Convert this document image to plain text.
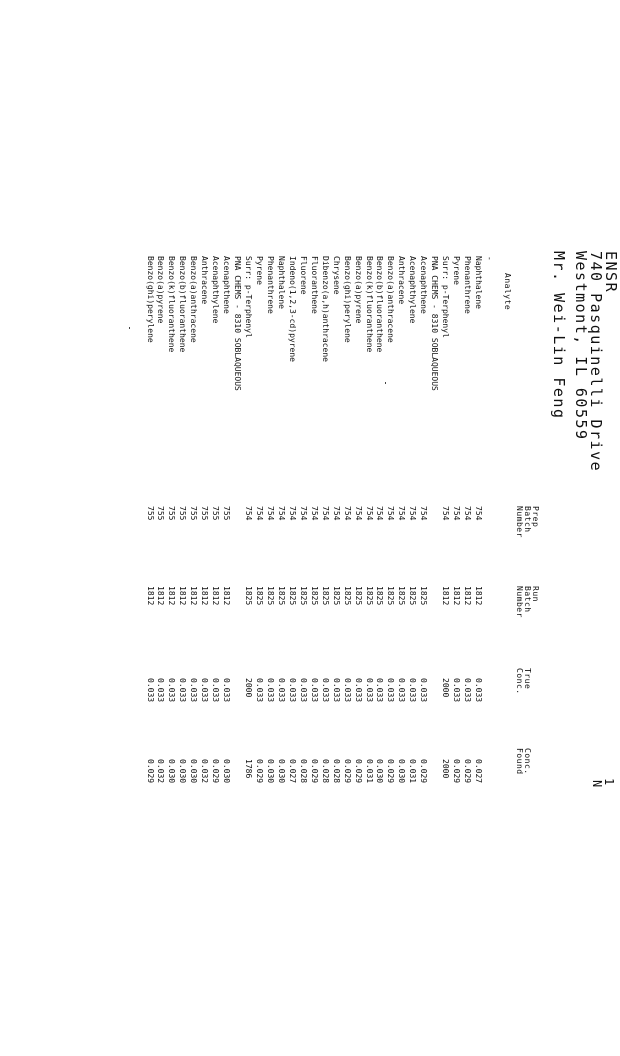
ENSR
740 Pasquinelli Drive
Westmont, IL 60559
Mr. Wei-Lin Feng
1
N
Analyte
Prep
Batch
Number
Run
Batch
Number
True
Conc.
Conc.
Found
-
Naphthalene
754
1812
0.033
0.027
Phenanthrene
754
1812
0.033
0.029
Pyrene
754
1812
0.033
0.029
Surr: p-Terphenyl
754
1812
2000
2000
PNA CHEMS - 8310 SOBLAQUEOUS
Acenaphthene
754
1825
0.033
0.029
Acenaphthylene
754
1825
0.033
0.031
Anthracene
754
1825
0.033
0.030
Benzo(a)anthracene
754
1825
0.033
0.029
Benzo(b)fluoranthene
754
1825
0.033
0.030
Benzo(k)fluoranthene
754
1825
0.033
0.031
Benzo(a)pyrene
754
1825
0.033
0.029
Benzo(ghi)perylene
754
1825
0.033
0.029
Chrysene
754
1825
0.033
0.028
Dibenzo(a,h)anthracene
754
1825
0.033
0.028
Fluoranthene
754
1825
0.033
0.029
Fluorene
754
1825
0.033
0.028
Indeno(1,2,3-cd)pyrene
754
1825
0.033
0.027
Naphthalene
754
1825
0.033
0.030
Phenanthrene
754
1825
0.033
0.030
Pyrene
754
1825
0.033
0.029
Surr: p-Terphenyl
754
1825
2000
1786
PNA CHEMS - 8310 SOBLAQUEOUS
Acenaphthene
755
1812
0.033
0.030
Acenaphthylene
755
1812
0.033
0.029
Anthracene
755
1812
0.033
0.032
Benzo(a)anthracene
755
1812
0.033
0.030
Benzo(b)fluoranthene
755
1812
0.033
0.030
Benzo(k)fluoranthene
755
1812
0.033
0.030
Benzo(a)pyrene
755
1812
0.033
0.032
Benzo(ghi)perylene
755
1812
0.033
0.029
